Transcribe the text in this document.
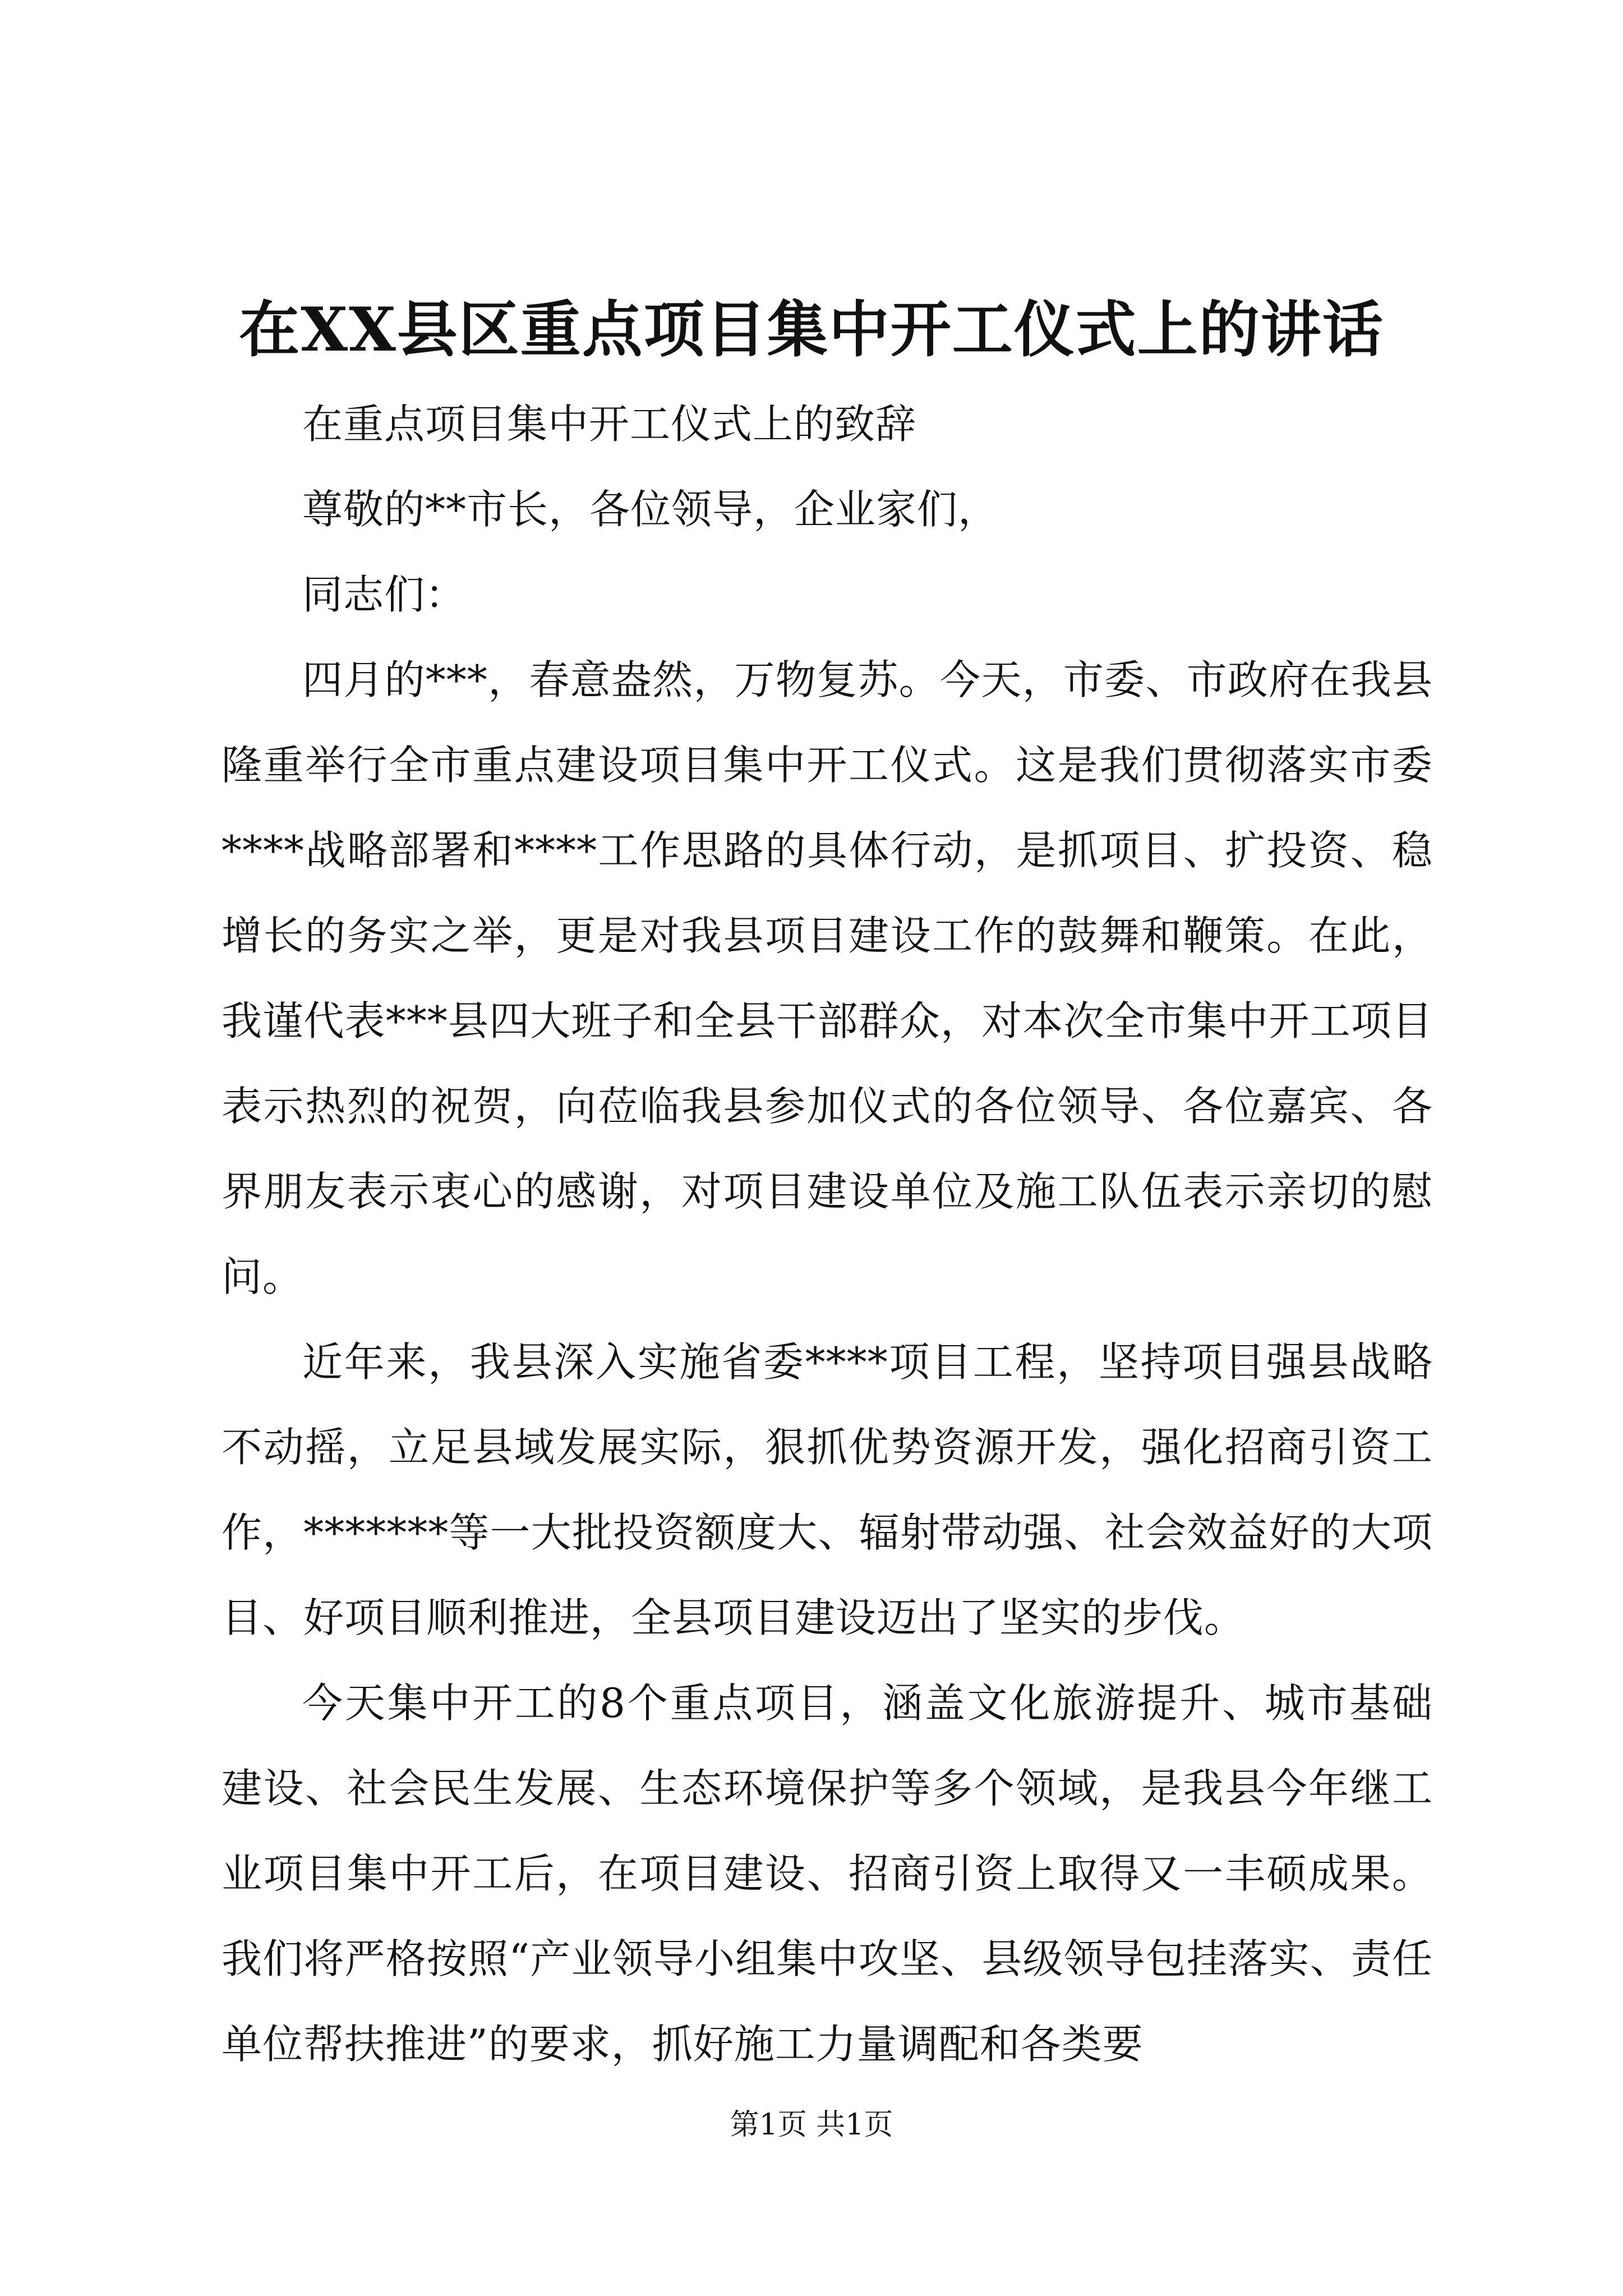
在XX县区重点项目集中开工仪式上的讲话

在重点项目集中开工仪式上的致辞

尊敬的**市长，各位领导，企业家们，

同志们：

四月的***，春意盎然，万物复苏。今天，市委、市政府在我县隆重举行全市重点建设项目集中开工仪式。这是我们贯彻落实市委****战略部署和****工作思路的具体行动，是抓项目、扩投资、稳增长的务实之举，更是对我县项目建设工作的鼓舞和鞭策。在此，我谨代表***县四大班子和全县干部群众，对本次全市集中开工项目表示热烈的祝贺，向莅临我县参加仪式的各位领导、各位嘉宾、各界朋友表示衷心的感谢，对项目建设单位及施工队伍表示亲切的慰问。

近年来，我县深入实施省委****项目工程，坚持项目强县战略不动摇，立足县域发展实际，狠抓优势资源开发，强化招商引资工作，*******等一大批投资额度大、辐射带动强、社会效益好的大项目、好项目顺利推进，全县项目建设迈出了坚实的步伐。

今天集中开工的8个重点项目，涵盖文化旅游提升、城市基础建设、社会民生发展、生态环境保护等多个领域，是我县今年继工业项目集中开工后，在项目建设、招商引资上取得又一丰硕成果。我们将严格按照“产业领导小组集中攻坚、县级领导包挂落实、责任单位帮扶推进”的要求，抓好施工力量调配和各类要

第1页 共1页
